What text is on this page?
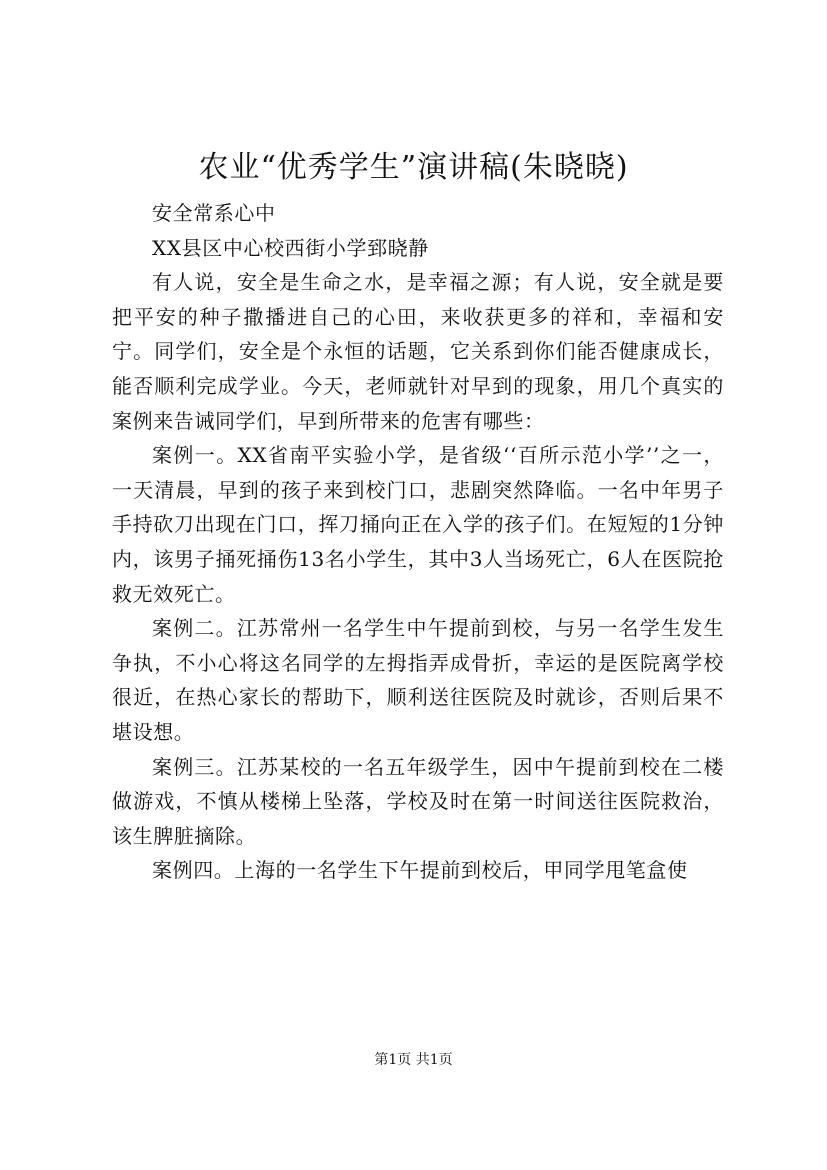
农业“优秀学生”演讲稿(朱晓晓)

安全常系心中

XX县区中心校西街小学郅晓静

有人说，安全是生命之水，是幸福之源；有人说，安全就是要把平安的种子撒播进自己的心田，来收获更多的祥和，幸福和安宁。同学们，安全是个永恒的话题，它关系到你们能否健康成长，能否顺利完成学业。今天，老师就针对早到的现象，用几个真实的案例来告诫同学们，早到所带来的危害有哪些：

案例一。XX省南平实验小学，是省级‘‘百所示范小学’’之一，一天清晨，早到的孩子来到校门口，悲剧突然降临。一名中年男子手持砍刀出现在门口，挥刀捅向正在入学的孩子们。在短短的1分钟内，该男子捅死捅伤13名小学生，其中3人当场死亡，6人在医院抢救无效死亡。

案例二。江苏常州一名学生中午提前到校，与另一名学生发生争执，不小心将这名同学的左拇指弄成骨折，幸运的是医院离学校很近，在热心家长的帮助下，顺利送往医院及时就诊，否则后果不堪设想。

案例三。江苏某校的一名五年级学生，因中午提前到校在二楼做游戏，不慎从楼梯上坠落，学校及时在第一时间送往医院救治，该生脾脏摘除。

案例四。上海的一名学生下午提前到校后，甲同学甩笔盒使

第1页 共1页
